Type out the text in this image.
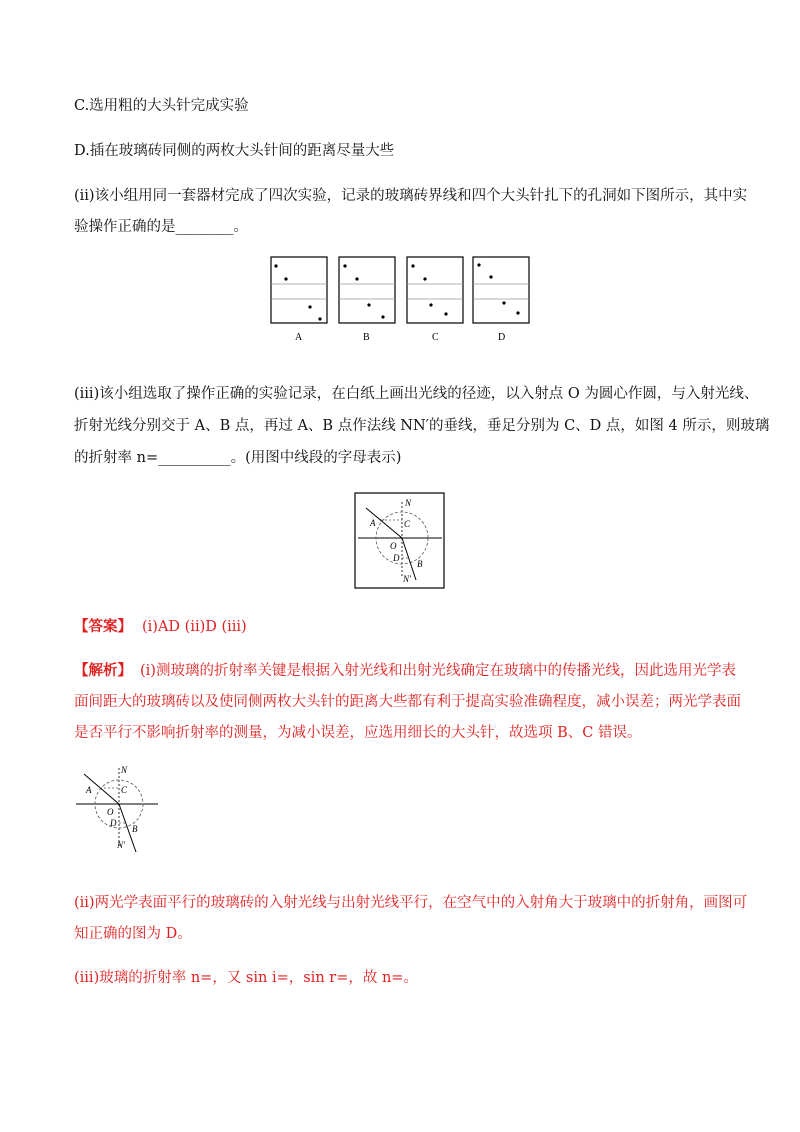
C.选用粗的大头针完成实验
D.插在玻璃砖同侧的两枚大头针间的距离尽量大些
(ii)该小组用同一套器材完成了四次实验，记录的玻璃砖界线和四个大头针扎下的孔洞如下图所示，其中实
验操作正确的是________。
A	B	C	D
(iii)该小组选取了操作正确的实验记录，在白纸上画出光线的径迹，以入射点 O 为圆心作圆，与入射光线、
折射光线分别交于 A、B 点，再过 A、B 点作法线 NN′的垂线，垂足分别为 C、D 点，如图 4 所示，则玻璃
的折射率 n=__________。(用图中线段的字母表示)
N
A	C
O
D
B
N′
【答案】 (i)AD (ii)D (iii)
【解析】 (i)测玻璃的折射率关键是根据入射光线和出射光线确定在玻璃中的传播光线，因此选用光学表
面间距大的玻璃砖以及使同侧两枚大头针的距离大些都有利于提高实验准确程度，减小误差；两光学表面
是否平行不影响折射率的测量，为减小误差，应选用细长的大头针，故选项 B、C 错误。
N
A	C
O
D
B
N′
(ii)两光学表面平行的玻璃砖的入射光线与出射光线平行，在空气中的入射角大于玻璃中的折射角，画图可
知正确的图为 D。
(iii)玻璃的折射率 n=，又 sin i=，sin r=，故 n=。
